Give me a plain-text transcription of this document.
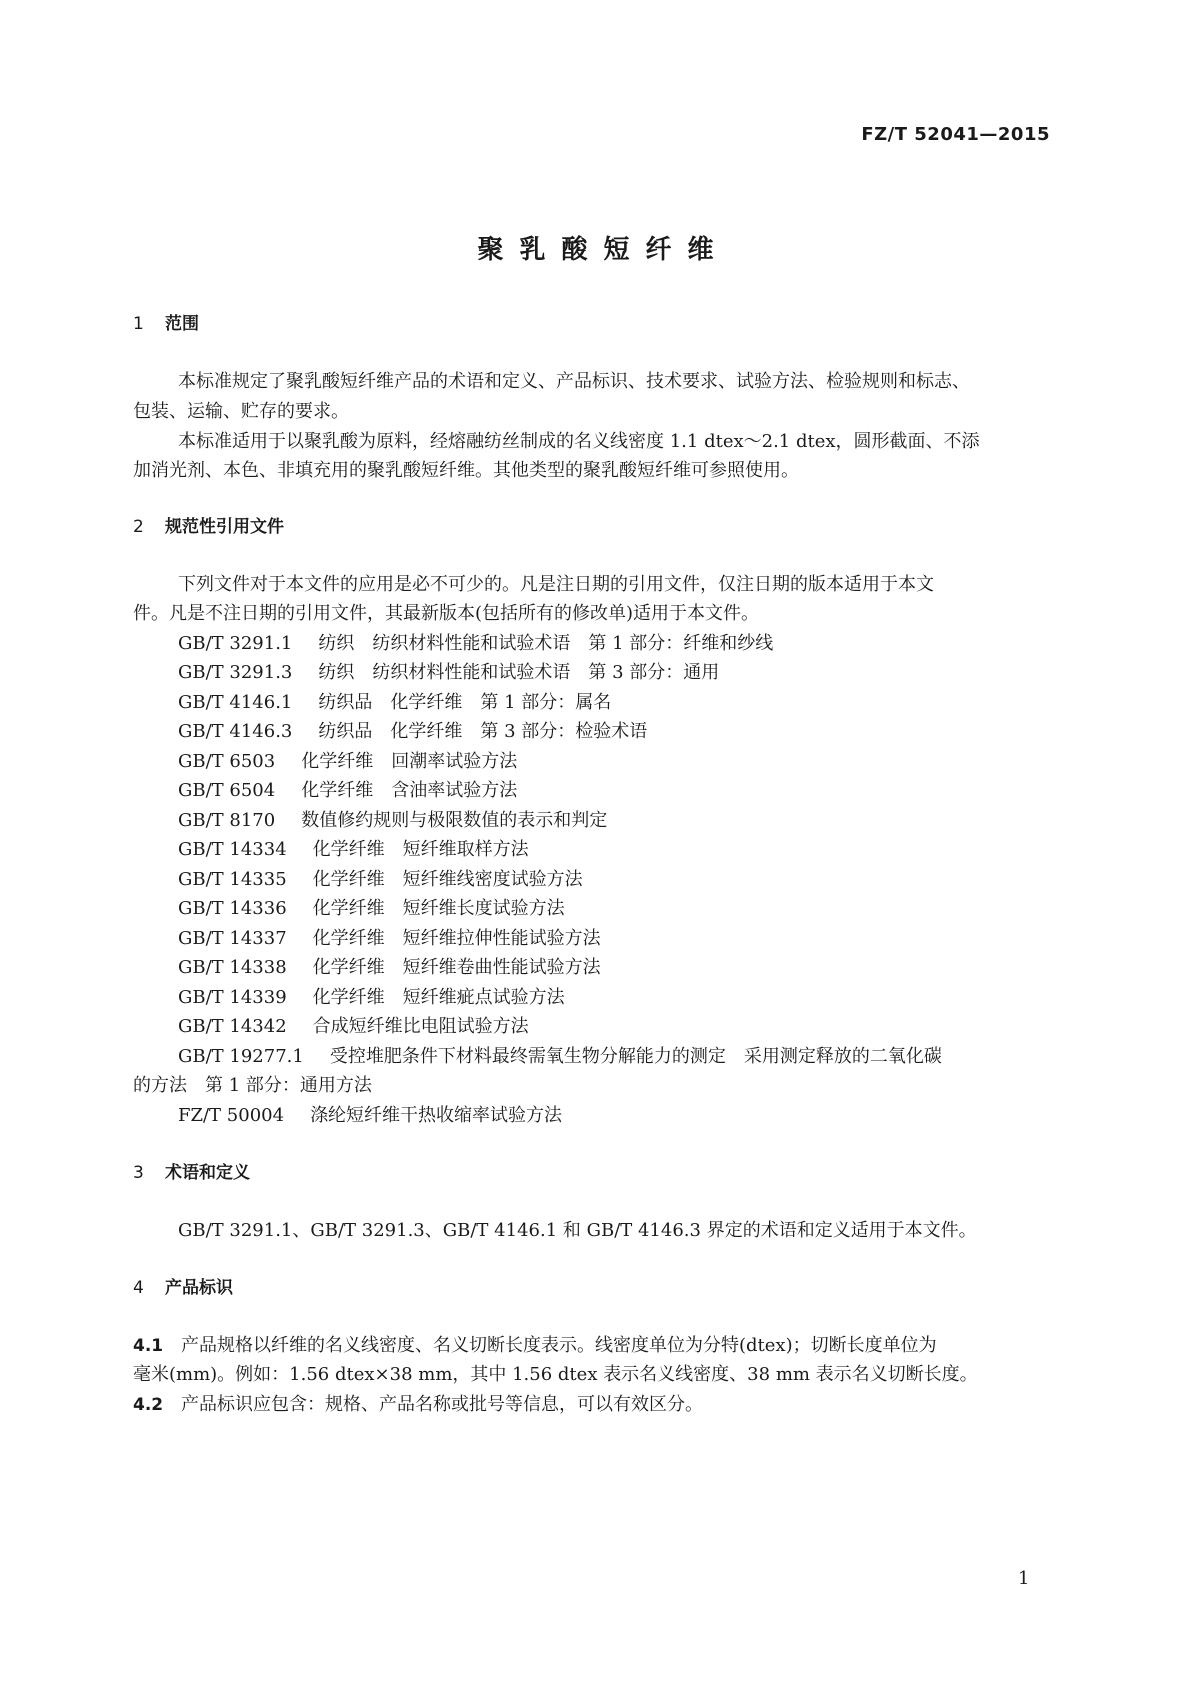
FZ/T 52041—2015
聚乳酸短纤维
1 范围
本标准规定了聚乳酸短纤维产品的术语和定义、产品标识、技术要求、试验方法、检验规则和标志、
包装、运输、贮存的要求。
本标准适用于以聚乳酸为原料，经熔融纺丝制成的名义线密度 1.1 dtex～2.1 dtex，圆形截面、不添
加消光剂、本色、非填充用的聚乳酸短纤维。其他类型的聚乳酸短纤维可参照使用。
2 规范性引用文件
下列文件对于本文件的应用是必不可少的。凡是注日期的引用文件，仅注日期的版本适用于本文
件。凡是不注日期的引用文件，其最新版本(包括所有的修改单)适用于本文件。
GB/T 3291.1 纺织　纺织材料性能和试验术语　第 1 部分：纤维和纱线
GB/T 3291.3 纺织　纺织材料性能和试验术语　第 3 部分：通用
GB/T 4146.1 纺织品　化学纤维　第 1 部分：属名
GB/T 4146.3 纺织品　化学纤维　第 3 部分：检验术语
GB/T 6503 化学纤维　回潮率试验方法
GB/T 6504 化学纤维　含油率试验方法
GB/T 8170 数值修约规则与极限数值的表示和判定
GB/T 14334 化学纤维　短纤维取样方法
GB/T 14335 化学纤维　短纤维线密度试验方法
GB/T 14336 化学纤维　短纤维长度试验方法
GB/T 14337 化学纤维　短纤维拉伸性能试验方法
GB/T 14338 化学纤维　短纤维卷曲性能试验方法
GB/T 14339 化学纤维　短纤维疵点试验方法
GB/T 14342 合成短纤维比电阻试验方法
GB/T 19277.1 受控堆肥条件下材料最终需氧生物分解能力的测定　采用测定释放的二氧化碳
的方法　第 1 部分：通用方法
FZ/T 50004 涤纶短纤维干热收缩率试验方法
3 术语和定义
GB/T 3291.1、GB/T 3291.3、GB/T 4146.1 和 GB/T 4146.3 界定的术语和定义适用于本文件。
4 产品标识
4.1 产品规格以纤维的名义线密度、名义切断长度表示。线密度单位为分特(dtex)；切断长度单位为
毫米(mm)。例如：1.56 dtex×38 mm，其中 1.56 dtex 表示名义线密度、38 mm 表示名义切断长度。
4.2 产品标识应包含：规格、产品名称或批号等信息，可以有效区分。
1
